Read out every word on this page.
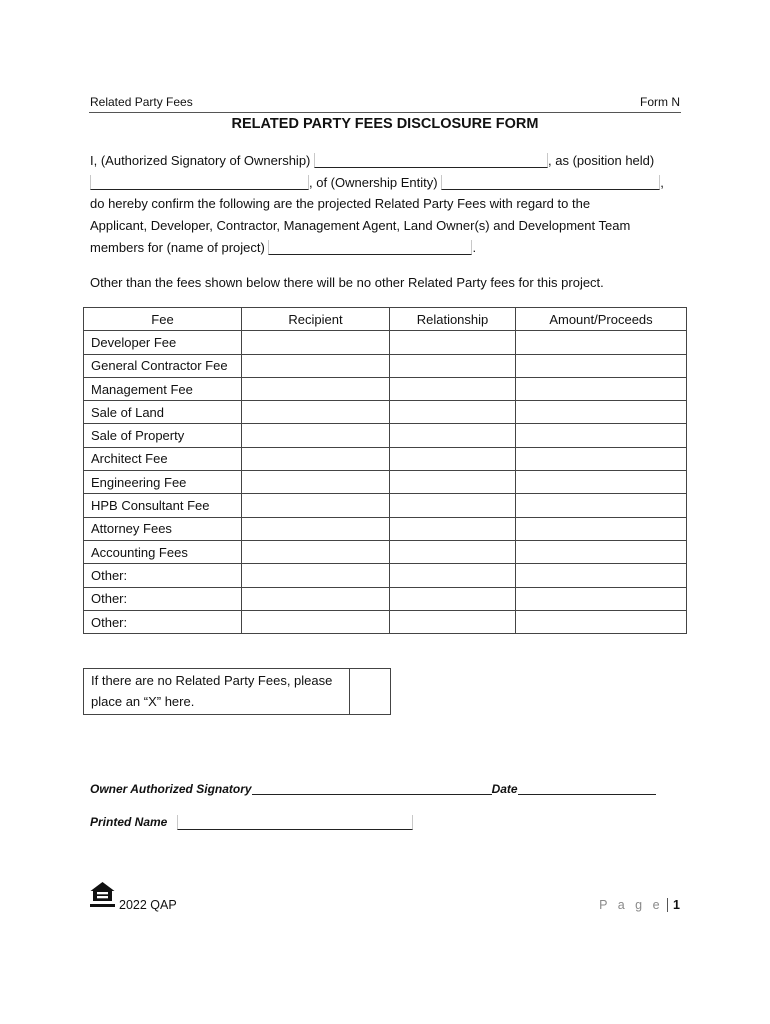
Related Party Fees	Form N
RELATED PARTY FEES DISCLOSURE FORM
I, (Authorized Signatory of Ownership)	, as (position held)
, of (Ownership Entity)	,
do hereby confirm the following are the projected Related Party Fees with regard to the
Applicant, Developer, Contractor, Management Agent, Land Owner(s) and Development Team
members for (name of project)	.
Other than the fees shown below there will be no other Related Party fees for this project.
Fee	Recipient	Relationship	Amount/Proceeds
Developer Fee			
General Contractor Fee			
Management Fee			
Sale of Land			
Sale of Property			
Architect Fee			
Engineering Fee			
HPB Consultant Fee			
Attorney Fees			
Accounting Fees			
Other:			
Other:			
Other:			
If there are no Related Party Fees, please
place an “X” here.

Owner Authorized Signatory	Date
Printed Name
2022 QAP	P a g e 1
